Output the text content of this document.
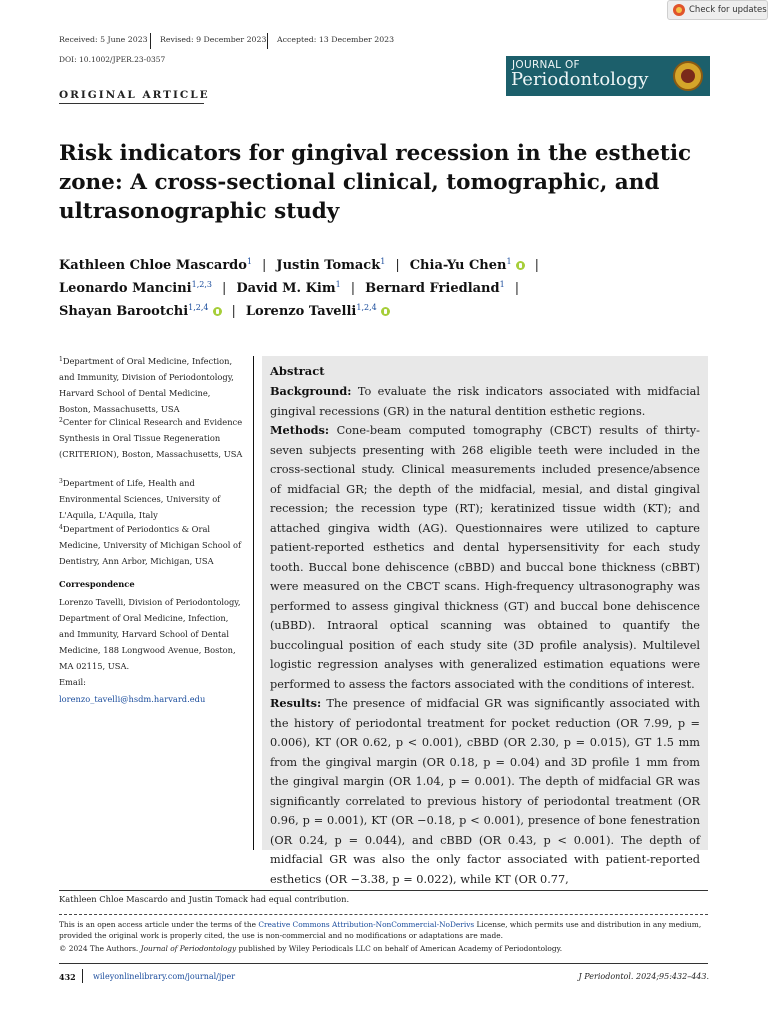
Check for updates
Received: 5 June 2023 Revised: 9 December 2023 Accepted: 13 December 2023
DOI: 10.1002/JPER.23-0357
ORIGINAL ARTICLE
JOURNAL OF
Periodontology
Risk indicators for gingival recession in the esthetic zone: A cross-sectional clinical, tomographic, and ultrasonographic study
Kathleen Chloe Mascardo$^1$ | Justin Tomack$^1$ | Chia-Yu Chen$^1$ |
Leonardo Mancini$^{1,2,3}$ | David M. Kim$^1$ | Bernard Friedland$^1$ |
Shayan Barootchi$^{1,2,4}$ | Lorenzo Tavelli$^{1,2,4}$
$^1$Department of Oral Medicine, Infection, and Immunity, Division of Periodontology, Harvard School of Dental Medicine, Boston, Massachusetts, USA
$^2$Center for Clinical Research and Evidence Synthesis in Oral Tissue Regeneration (CRITERION), Boston, Massachusetts, USA
$^3$Department of Life, Health and Environmental Sciences, University of L'Aquila, L'Aquila, Italy
$^4$Department of Periodontics & Oral Medicine, University of Michigan School of Dentistry, Ann Arbor, Michigan, USA
Correspondence
Lorenzo Tavelli, Division of Periodontology, Department of Oral Medicine, Infection, and Immunity, Harvard School of Dental Medicine, 188 Longwood Avenue, Boston, MA 02115, USA.
Email:
lorenzo_tavelli@hsdm.harvard.edu
Abstract

Background: To evaluate the risk indicators associated with midfacial gingival recessions (GR) in the natural dentition esthetic regions.
Methods: Cone-beam computed tomography (CBCT) results of thirty-seven subjects presenting with 268 eligible teeth were included in the cross-sectional study. Clinical measurements included presence/absence of midfacial GR; the depth of the midfacial, mesial, and distal gingival recession; the recession type (RT); keratinized tissue width (KT); and attached gingiva width (AG). Questionnaires were utilized to capture patient-reported esthetics and dental hypersensitivity for each study tooth. Buccal bone dehiscence (cBBD) and buccal bone thickness (cBBT) were measured on the CBCT scans. High-frequency ultrasonography was performed to assess gingival thickness (GT) and buccal bone dehiscence (uBBD). Intraoral optical scanning was obtained to quantify the buccolingual position of each study site (3D profile analysis). Multilevel logistic regression analyses with generalized estimation equations were performed to assess the factors associated with the conditions of interest.
Results: The presence of midfacial GR was significantly associated with the history of periodontal treatment for pocket reduction (OR 7.99, p = 0.006), KT (OR 0.62, p < 0.001), cBBD (OR 2.30, p = 0.015), GT 1.5 mm from the gingival margin (OR 0.18, p = 0.04) and 3D profile 1 mm from the gingival margin (OR 1.04, p = 0.001). The depth of midfacial GR was significantly correlated to previous history of periodontal treatment (OR 0.96, p = 0.001), KT (OR −0.18, p < 0.001), presence of bone fenestration (OR 0.24, p = 0.044), and cBBD (OR 0.43, p < 0.001). The depth of midfacial GR was also the only factor associated with patient-reported esthetics (OR −3.38, p = 0.022), while KT (OR 0.77,

Kathleen Chloe Mascardo and Justin Tomack had equal contribution.
This is an open access article under the terms of the Creative Commons Attribution-NonCommercial-NoDerivs License, which permits use and distribution in any medium, provided the original work is properly cited, the use is non-commercial and no modifications or adaptations are made.
© 2024 The Authors. Journal of Periodontology published by Wiley Periodicals LLC on behalf of American Academy of Periodontology.
432 wileyonlinelibrary.com/journal/jper	J Periodontol. 2024;95:432–443.
